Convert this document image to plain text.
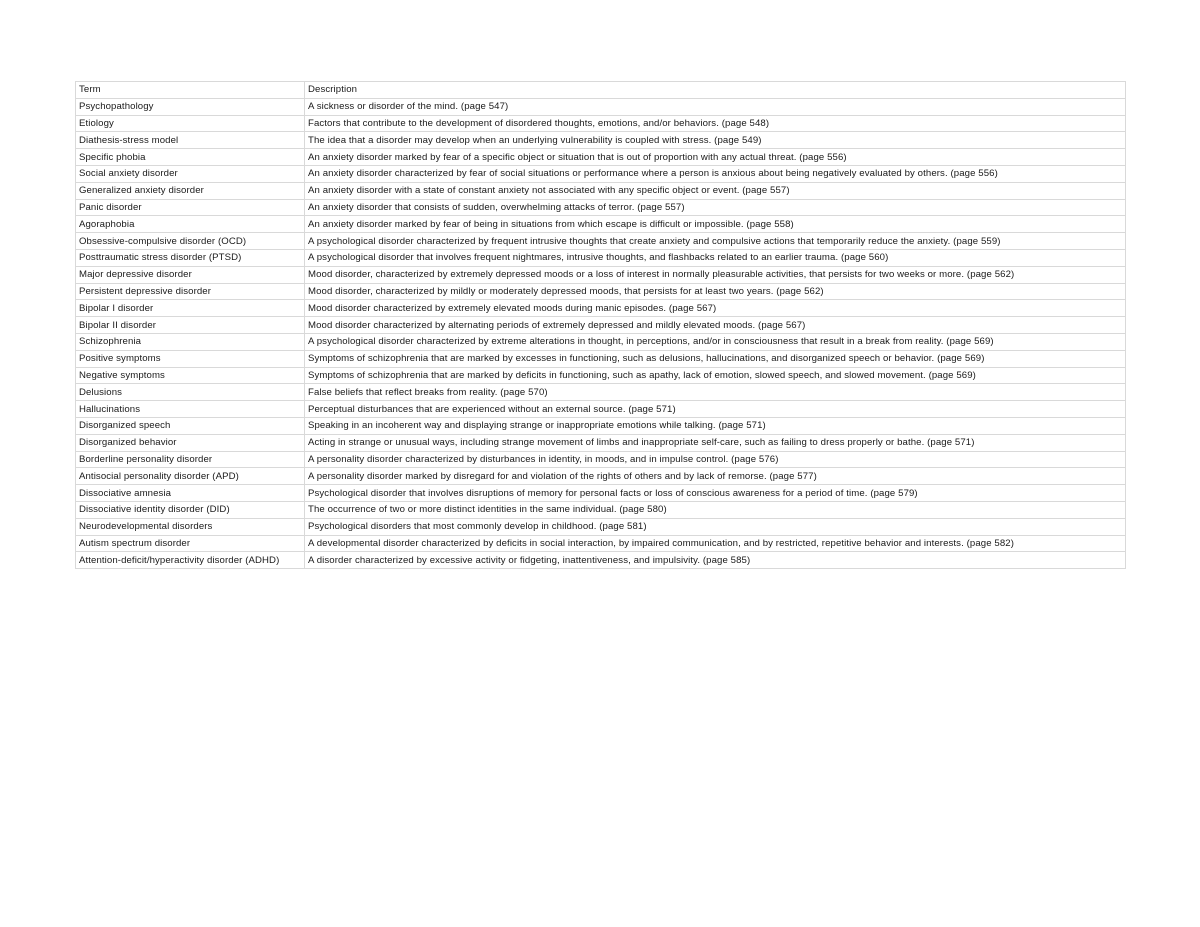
Term	Description
Psychopathology	A sickness or disorder of the mind. (page 547)
Etiology	Factors that contribute to the development of disordered thoughts, emotions, and/or behaviors. (page 548)
Diathesis-stress model	The idea that a disorder may develop when an underlying vulnerability is coupled with stress. (page 549)
Specific phobia	An anxiety disorder marked by fear of a specific object or situation that is out of proportion with any actual threat. (page 556)
Social anxiety disorder	An anxiety disorder characterized by fear of social situations or performance where a person is anxious about being negatively evaluated by others. (page 556)
Generalized anxiety disorder	An anxiety disorder with a state of constant anxiety not associated with any specific object or event. (page 557)
Panic disorder	An anxiety disorder that consists of sudden, overwhelming attacks of terror. (page 557)
Agoraphobia	An anxiety disorder marked by fear of being in situations from which escape is difficult or impossible. (page 558)
Obsessive-compulsive disorder (OCD)	A psychological disorder characterized by frequent intrusive thoughts that create anxiety and compulsive actions that temporarily reduce the anxiety. (page 559)
Posttraumatic stress disorder (PTSD)	A psychological disorder that involves frequent nightmares, intrusive thoughts, and flashbacks related to an earlier trauma. (page 560)
Major depressive disorder	Mood disorder, characterized by extremely depressed moods or a loss of interest in normally pleasurable activities, that persists for two weeks or more. (page 562)
Persistent depressive disorder	Mood disorder, characterized by mildly or moderately depressed moods, that persists for at least two years. (page 562)
Bipolar I disorder	Mood disorder characterized by extremely elevated moods during manic episodes. (page 567)
Bipolar II disorder	Mood disorder characterized by alternating periods of extremely depressed and mildly elevated moods. (page 567)
Schizophrenia	A psychological disorder characterized by extreme alterations in thought, in perceptions, and/or in consciousness that result in a break from reality. (page 569)
Positive symptoms	Symptoms of schizophrenia that are marked by excesses in functioning, such as delusions, hallucinations, and disorganized speech or behavior. (page 569)
Negative symptoms	Symptoms of schizophrenia that are marked by deficits in functioning, such as apathy, lack of emotion, slowed speech, and slowed movement. (page 569)
Delusions	False beliefs that reflect breaks from reality. (page 570)
Hallucinations	Perceptual disturbances that are experienced without an external source. (page 571)
Disorganized speech	Speaking in an incoherent way and displaying strange or inappropriate emotions while talking. (page 571)
Disorganized behavior	Acting in strange or unusual ways, including strange movement of limbs and inappropriate self-care, such as failing to dress properly or bathe. (page 571)
Borderline personality disorder	A personality disorder characterized by disturbances in identity, in moods, and in impulse control. (page 576)
Antisocial personality disorder (APD)	A personality disorder marked by disregard for and violation of the rights of others and by lack of remorse. (page 577)
Dissociative amnesia	Psychological disorder that involves disruptions of memory for personal facts or loss of conscious awareness for a period of time. (page 579)
Dissociative identity disorder (DID)	The occurrence of two or more distinct identities in the same individual. (page 580)
Neurodevelopmental disorders	Psychological disorders that most commonly develop in childhood. (page 581)
Autism spectrum disorder	A developmental disorder characterized by deficits in social interaction, by impaired communication, and by restricted, repetitive behavior and interests. (page 582)
Attention-deficit/hyperactivity disorder (ADHD)	A disorder characterized by excessive activity or fidgeting, inattentiveness, and impulsivity. (page 585)
